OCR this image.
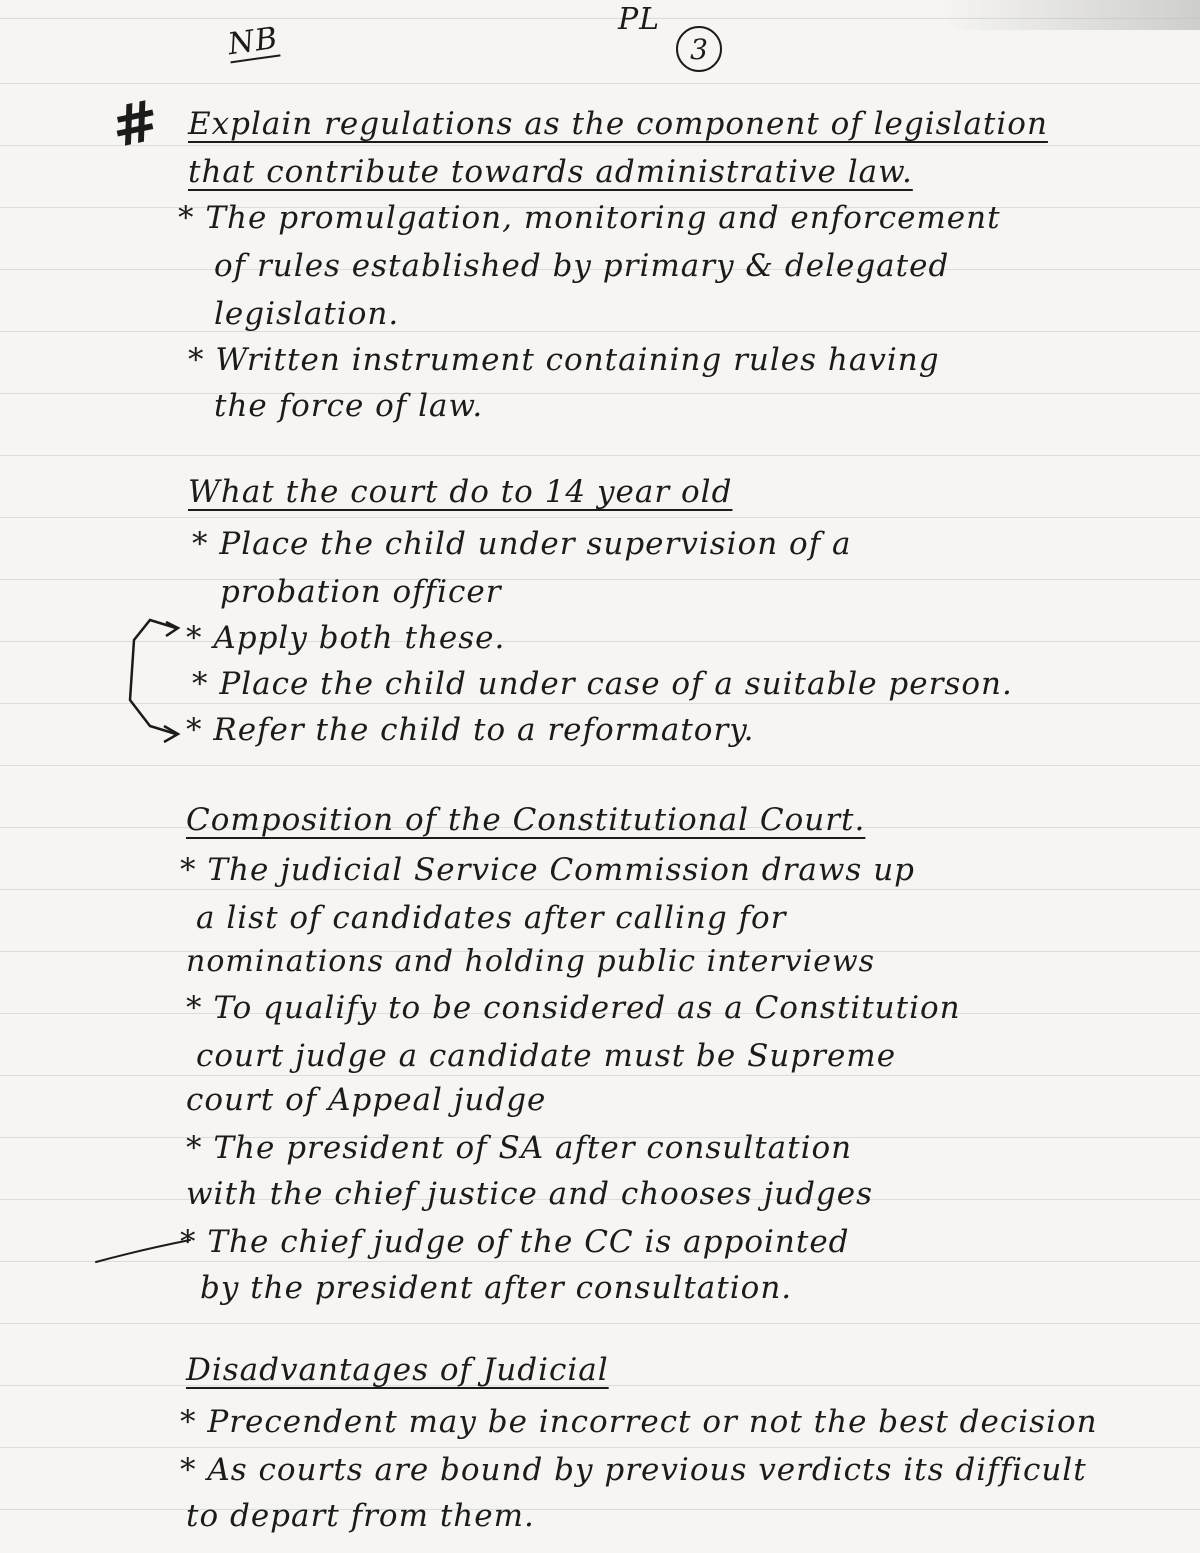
NB
PL
3
# Explain regulations as the component of legislation
that contribute towards administrative law.
* The promulgation, monitoring and enforcement
of rules established by primary & delegated
legislation.
* Written instrument containing rules having
the force of law.
What the court do to 14 year old
* Place the child under supervision of a
probation officer
* Apply both these.
* Place the child under case of a suitable person.
* Refer the child to a reformatory.
Composition of the Constitutional Court.
* The judicial Service Commission draws up
a list of candidates after calling for
nominations and holding public interviews
* To qualify to be considered as a Constitution
court judge a candidate must be Supreme
court of Appeal judge
* The president of SA after consultation
with the chief justice and chooses judges
* The chief judge of the CC is appointed
by the president after consultation.
Disadvantages of Judicial
* Precendent may be incorrect or not the best decision
* As courts are bound by previous verdicts its difficult
to depart from them.
